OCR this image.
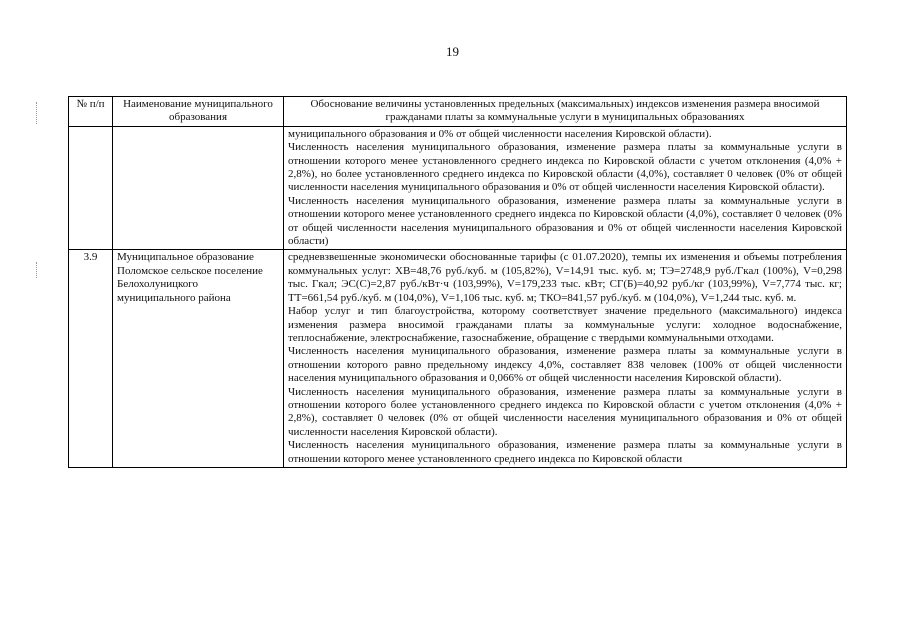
19
№ п/п	Наименование муниципального образования	Обоснование величины установленных предельных (максимальных) индексов изменения размера вносимой гражданами платы за коммунальные услуги в муниципальных образованиях

		муниципального образования и 0% от общей численности населения Кировской области).
Численность населения муниципального образования, изменение размера платы за коммунальные услуги в отношении которого менее установленного среднего индекса по Кировской области с учетом отклонения (4,0% + 2,8%), но более установленного среднего индекса по Кировской области (4,0%), составляет 0 человек (0% от общей численности населения муниципального образования и 0% от общей численности населения Кировской области).
Численность населения муниципального образования, изменение размера платы за коммунальные услуги в отношении которого менее установленного среднего индекса по Кировской области (4,0%), составляет 0 человек (0% от общей численности населения муниципального образования и 0% от общей численности населения Кировской области)

3.9	Муниципальное образование Поломское сельское поселение Белохолуницкого муниципального района	средневзвешенные экономически обоснованные тарифы (с 01.07.2020), темпы их изменения и объемы потребления коммунальных услуг: ХВ=48,76 руб./куб. м (105,82%), V=14,91 тыс. куб. м; ТЭ=2748,9 руб./Гкал (100%), V=0,298 тыс. Гкал; ЭС(С)=2,87 руб./кВт·ч (103,99%), V=179,233 тыс. кВт; СГ(Б)=40,92 руб./кг (103,99%), V=7,774 тыс. кг; ТТ=661,54 руб./куб. м (104,0%), V=1,106 тыс. куб. м; ТКО=841,57 руб./куб. м (104,0%), V=1,244 тыс. куб. м.
Набор услуг и тип благоустройства, которому соответствует значение предельного (максимального) индекса изменения размера вносимой гражданами платы за коммунальные услуги: холодное водоснабжение, теплоснабжение, электроснабжение, газоснабжение, обращение с твердыми коммунальными отходами.
Численность населения муниципального образования, изменение размера платы за коммунальные услуги в отношении которого равно предельному индексу 4,0%, составляет 838 человек (100% от общей численности населения муниципального образования и 0,066% от общей численности населения Кировской области).
Численность населения муниципального образования, изменение размера платы за коммунальные услуги в отношении которого более установленного среднего индекса по Кировской области с учетом отклонения (4,0% + 2,8%), составляет 0 человек (0% от общей численности населения муниципального образования и 0% от общей численности населения Кировской области).
Численность населения муниципального образования, изменение размера платы за коммунальные услуги в отношении которого менее установленного среднего индекса по Кировской области
